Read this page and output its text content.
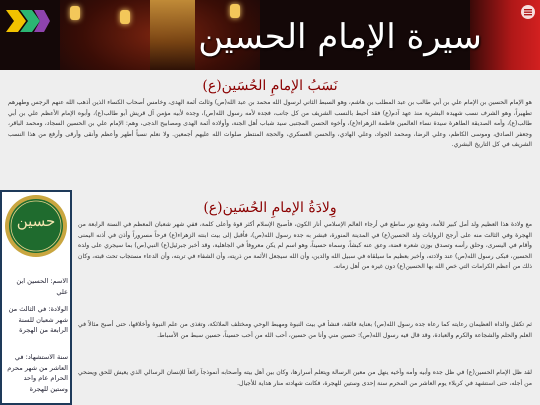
سيرة الإمام الحسين
نَسَبُ الإمامِ الحُسَين(ع)

هو الإمام الحسين بن الإمام علي بن أبي طالب بن عبد المطلب بن هاشم، وهو السبط الثاني لرسول الله محمد بن عبد الله(ص) وثالث أئمة الهدى، وخامس أصحاب الكساء الذين أذهب الله عنهم الرجس وطهرهم تطهيراً، وهو الشرف نسب شهيده البشرية منذ عهد آدم(ع) فقد أحيط بالنسب الشريف من كل جانب، فجده لأمه رسول الله(ص)، وجده لأبيه مؤمن آل قريش أبو طالب(ع)، وأبوه الإمام الأعظم علي بن أبي طالب(ع)، وأمه الصديقة الطاهرة سيدة نساء العالمين فاطمة الزهراء(ع)، وأخوه الحسن المجتبى سيد شباب أهل الجنة، وأولاده أئمة الهدى ومصابيح الدجى، وهم: الإمام علي بن الحسين السجاد، ومحمد الباقر، وجعفر الصادق، وموسى الكاظم، وعلي الرضا، ومحمد الجواد، وعلي الهادي، والحسن العسكري، والحجة المنتظر صلوات الله عليهم أجمعين. ولا نعلم نسباً أطهر وأعظم وأنقى وأرقى وأرفع من هذا النسب الشريف في كل التاريخ البشري.

وِلادَةُ الإمامِ الحُسَين(ع)

مع ولادة هذا العظيم ولد أمل كبير للأمة، وشع نور ساطع في أرجاء العالم الإسلامي أنار الكون، فأصبح الإسلام أكثر قوة وأعلى كلمة، ففي شهر شعبان المعظم في السنة الرابعة من الهجرة وفي الثالث منه على أرجح الروايات ولد الحسين(ع) في المدينة المنورة، فبشر به جده رسول الله(ص)، فأقبل إلى بيت ابنته الزهراء(ع) فرحاً مسروراً وأذن في أذنه اليمنى وأقام في اليسرى، وحلق رأسه وتصدق بوزن شعره فضة، وعق عنه كبشاً، وسماه حسيناً، وهو اسم لم يكن معروفاً في الجاهلية، وقد أخبر جبرئيل(ع) النبي(ص) بما سيجري على ولده الحسين، فبكى رسول الله(ص) عند ولادته، وأخبر بعظيم ما سيلقاه في سبيل الله والدين، وأن الله سيجعل الأئمة من ذريته، وأن الشفاء في تربته، وأن الدعاء مستجاب تحت قبته، وكان ذلك من أعظم الكرامات التي خص الله بها الحسين(ع) دون غيره من أهل زمانه.

ثم تكفل والداه العظيمان رعايته كما رعاه جده رسول الله(ص) بعناية فائقة، فنشأ في بيت النبوة ومهبط الوحي ومختلف الملائكة، وتغذى من علم النبوة وأخلاقها، حتى أصبح مثالاً في العلم والحلم والشجاعة والكرم والعبادة، وقد قال فيه رسول الله(ص): حسين مني وأنا من حسين، أحب الله من أحب حسيناً، حسين سبط من الأسباط.

لقد ظل الإمام الحسين(ع) في ظل جده وأبيه وأمه وأخيه ينهل من معين الرسالة ويتعلم أسرارها، وكان بين أهل بيته وأصحابه أنموذجاً رائعاً للإنسان الرسالي الذي يعيش للحق ويضحي من أجله، حتى استشهد في كربلاء يوم العاشر من المحرم سنة إحدى وستين للهجرة، فكانت شهادته منار هداية للأجيال.

حسين

الاسم: الحسين ابن علي

الولادة: في الثالث من شهر شعبان للسنة الرابعة من الهجرة

سنة الاستشهاد: في العاشر من شهر محرم الحرام عام واحد وستين للهجرة
